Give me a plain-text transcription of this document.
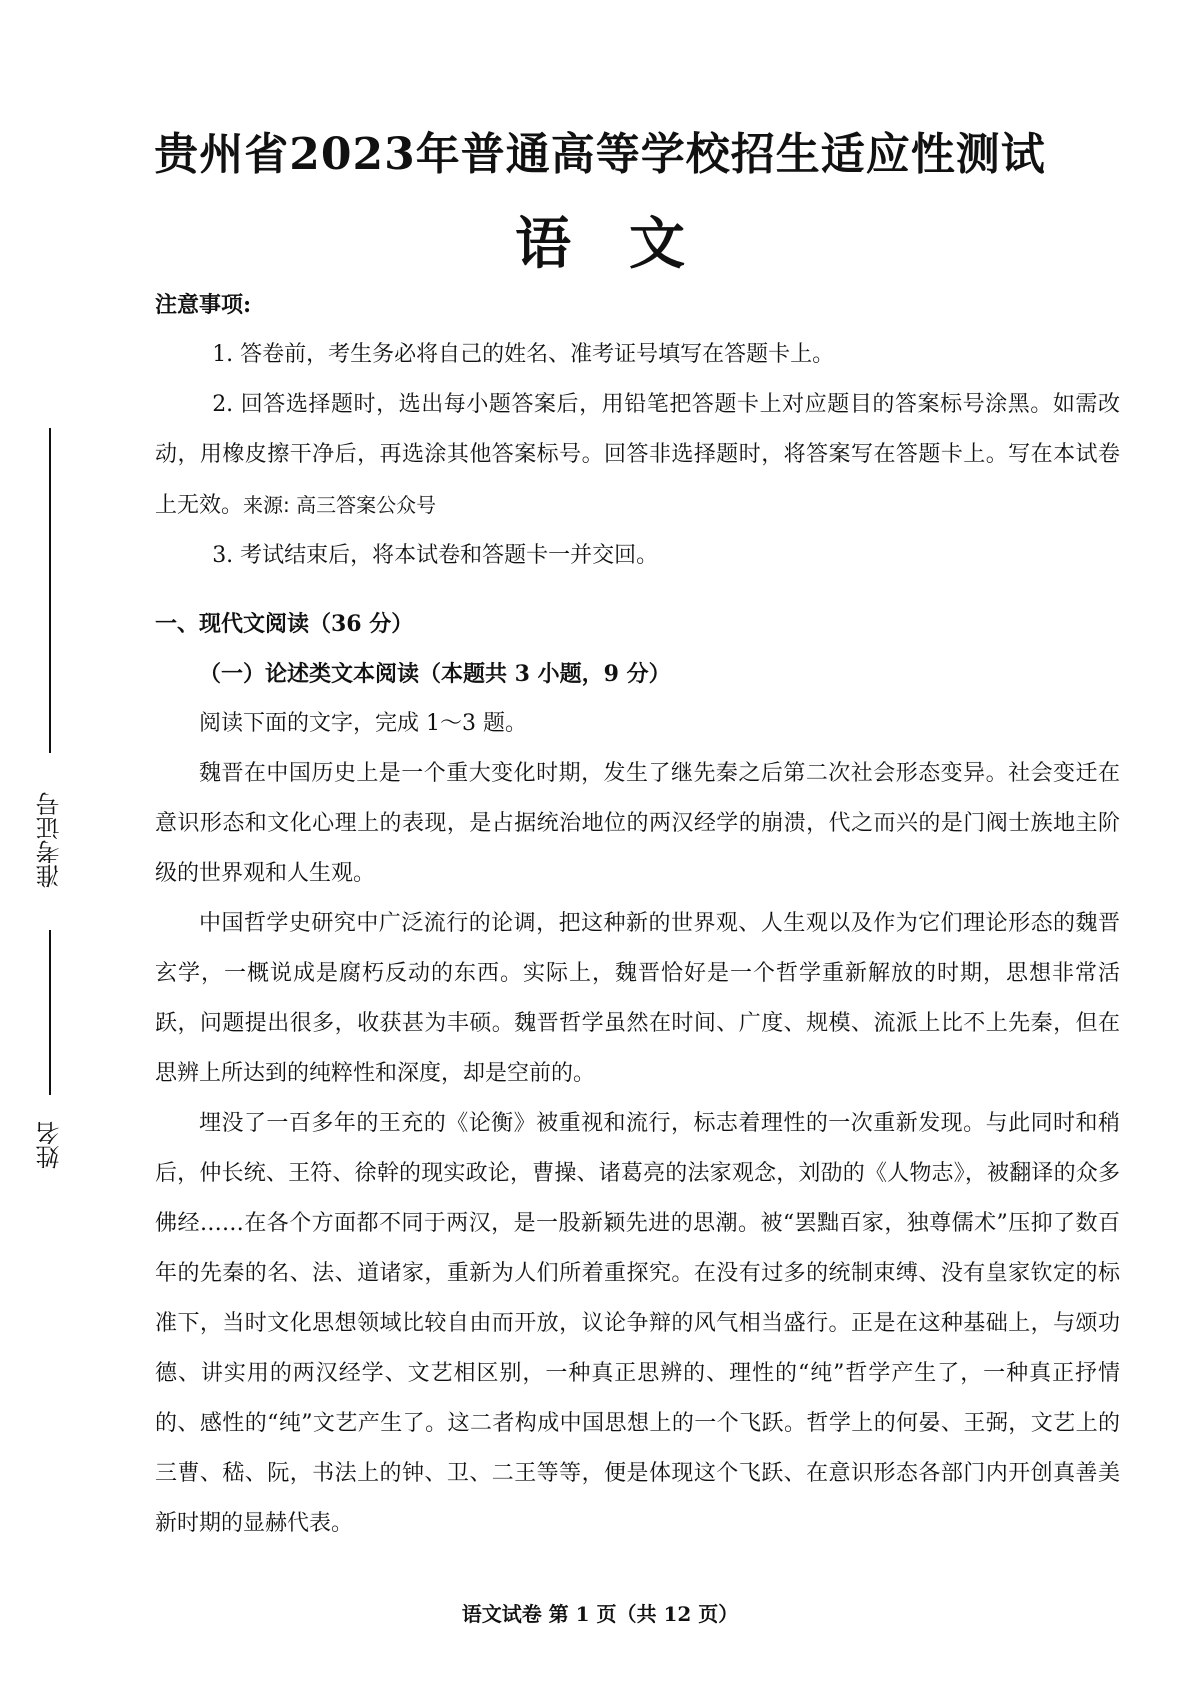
准考证号
姓名
贵州省2023年普通高等学校招生适应性测试
语文

注意事项:

1. 答卷前，考生务必将自己的姓名、准考证号填写在答题卡上。

2. 回答选择题时，选出每小题答案后，用铅笔把答题卡上对应题目的答案标号涂黑。如需改动，用橡皮擦干净后，再选涂其他答案标号。回答非选择题时，将答案写在答题卡上。写在本试卷上无效。来源: 高三答案公众号

3. 考试结束后，将本试卷和答题卡一并交回。

一、现代文阅读（36 分）

（一）论述类文本阅读（本题共 3 小题，9 分）

阅读下面的文字，完成 1～3 题。

魏晋在中国历史上是一个重大变化时期，发生了继先秦之后第二次社会形态变异。社会变迁在意识形态和文化心理上的表现，是占据统治地位的两汉经学的崩溃，代之而兴的是门阀士族地主阶级的世界观和人生观。

中国哲学史研究中广泛流行的论调，把这种新的世界观、人生观以及作为它们理论形态的魏晋玄学，一概说成是腐朽反动的东西。实际上，魏晋恰好是一个哲学重新解放的时期，思想非常活跃，问题提出很多，收获甚为丰硕。魏晋哲学虽然在时间、广度、规模、流派上比不上先秦，但在思辨上所达到的纯粹性和深度，却是空前的。

埋没了一百多年的王充的《论衡》被重视和流行，标志着理性的一次重新发现。与此同时和稍后，仲长统、王符、徐幹的现实政论，曹操、诸葛亮的法家观念，刘劭的《人物志》，被翻译的众多佛经……在各个方面都不同于两汉，是一股新颖先进的思潮。被“罢黜百家，独尊儒术”压抑了数百年的先秦的名、法、道诸家，重新为人们所着重探究。在没有过多的统制束缚、没有皇家钦定的标准下，当时文化思想领域比较自由而开放，议论争辩的风气相当盛行。正是在这种基础上，与颂功德、讲实用的两汉经学、文艺相区别，一种真正思辨的、理性的“纯”哲学产生了，一种真正抒情的、感性的“纯”文艺产生了。这二者构成中国思想上的一个飞跃。哲学上的何晏、王弼，文艺上的三曹、嵇、阮，书法上的钟、卫、二王等等，便是体现这个飞跃、在意识形态各部门内开创真善美新时期的显赫代表。

语文试卷 第 1 页（共 12 页）
